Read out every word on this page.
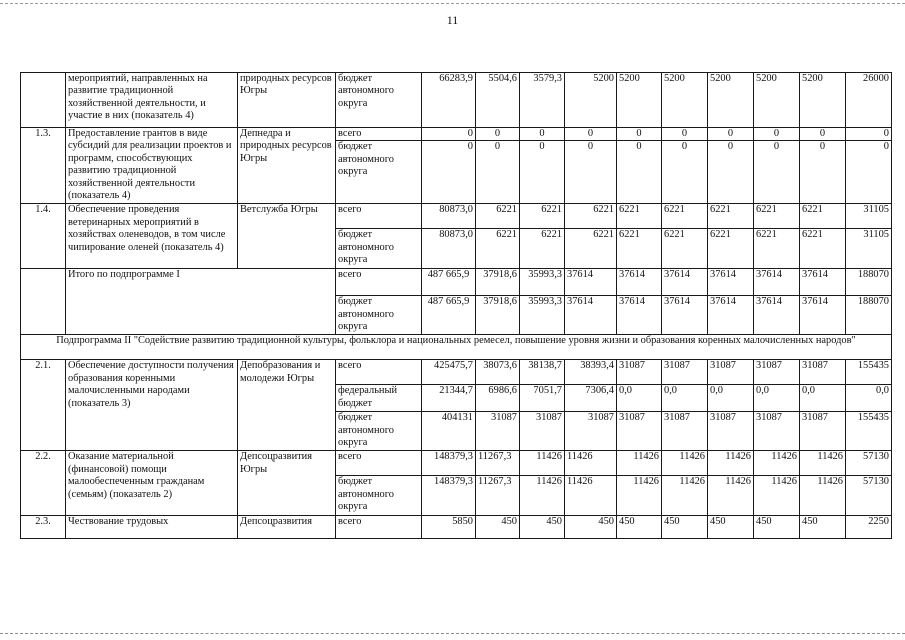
11
	мероприятий, направленных на развитие традиционной хозяйственной деятельности, и участие в них (показатель 4)	природных ресурсов Югры	бюджет автономного округа	66283,9	5504,6	3579,3	5200	5200	5200	5200	5200	5200	26000
1.3.	Предоставление грантов в виде субсидий для реализации проектов и программ, способствующих развитию традиционной хозяйственной деятельности (показатель 4)	Депнедра и природных ресурсов Югры	всего	0	0	0	0	0	0	0	0	0	0
			бюджет автономного округа	0	0	0	0	0	0	0	0	0	0
1.4.	Обеспечение проведения ветеринарных мероприятий в хозяйствах оленеводов, в том числе чипирование оленей (показатель 4)	Ветслужба Югры	всего	80873,0	6221	6221	6221	6221	6221	6221	6221	6221	31105
			бюджет автономного округа	80873,0	6221	6221	6221	6221	6221	6221	6221	6221	31105
	Итого по подпрограмме I		всего	487 665,9	37918,6	35993,3	37614	37614	37614	37614	37614	37614	188070
			бюджет автономного округа	487 665,9	37918,6	35993,3	37614	37614	37614	37614	37614	37614	188070
Подпрограмма II "Содействие развитию традиционной культуры, фольклора и национальных ремесел, повышение уровня жизни и образования коренных малочисленных народов"													
2.1.	Обеспечение доступности получения образования коренными малочисленными народами (показатель 3)	Депобразования и молодежи Югры	всего	425475,7	38073,6	38138,7	38393,4	31087	31087	31087	31087	31087	155435
			федеральный бюджет	21344,7	6986,6	7051,7	7306,4	0,0	0,0	0,0	0,0	0,0	0,0
			бюджет автономного округа	404131	31087	31087	31087	31087	31087	31087	31087	31087	155435
2.2.	Оказание материальной (финансовой) помощи малообеспеченным гражданам (семьям) (показатель 2)	Депсоцразвития Югры	всего	148379,3	11267,3	11426	11426	11426	11426	11426	11426	11426	57130
			бюджет автономного округа	148379,3	11267,3	11426	11426	11426	11426	11426	11426	11426	57130
2.3.	Чествование трудовых	Депсоцразвития	всего	5850	450	450	450	450	450	450	450	450	2250
